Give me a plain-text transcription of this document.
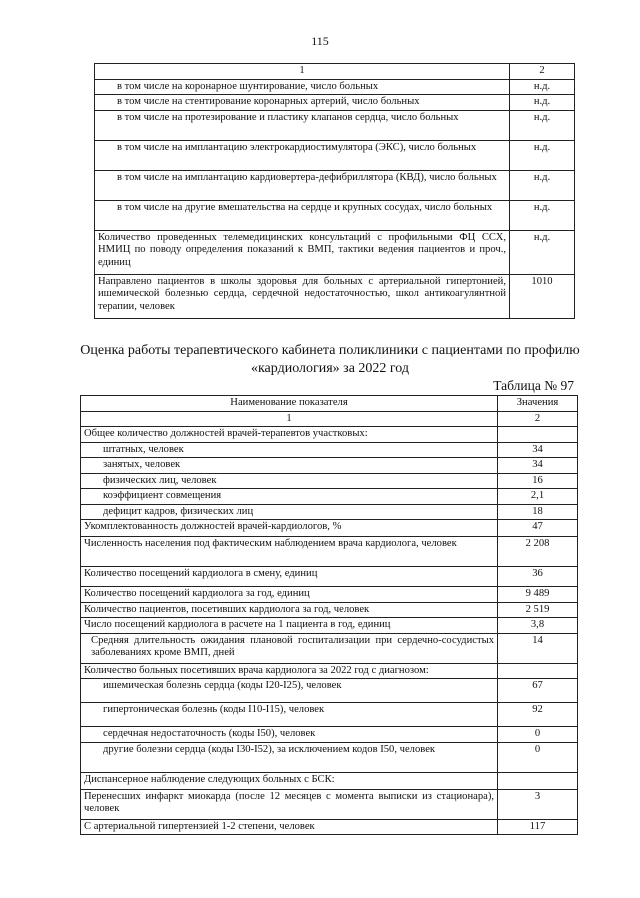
115
1	2
в том числе на коронарное шунтирование, число больных	н.д.
в том числе на стентирование коронарных артерий, число больных	н.д.
в том числе на протезирование и пластику клапанов сердца, число больных	н.д.
в том числе на имплантацию электрокардиостимулятора (ЭКС), число больных	н.д.
в том числе на имплантацию кардиовертера-дефибриллятора (КВД), число больных	н.д.
в том числе на другие вмешательства на сердце и крупных сосудах, число больных	н.д.
Количество проведенных телемедицинских консультаций с профильными ФЦ ССХ, НМИЦ по поводу определения показаний к ВМП, тактики ведения пациентов и проч., единиц	н.д.
Направлено пациентов в школы здоровья для больных с артериальной гипертонией, ишемической болезнью сердца, сердечной недостаточностью, школ антикоагулянтной терапии, человек	1010
Оценка работы терапевтического кабинета поликлиники с пациентами по профилю «кардиология» за 2022 год
Таблица № 97
Наименование показателя	Значения
1	2
Общее количество должностей врачей-терапевтов участковых:	
штатных, человек	34
занятых, человек	34
физических лиц, человек	16
коэффициент совмещения	2,1
дефицит кадров, физических лиц	18
Укомплектованность должностей врачей-кардиологов, %	47
Численность населения под фактическим наблюдением врача кардиолога, человек	2 208
Количество посещений кардиолога в смену, единиц	36
Количество посещений кардиолога за год, единиц	9 489
Количество пациентов, посетивших кардиолога за год, человек	2 519
Число посещений кардиолога в расчете на 1 пациента в год, единиц	3,8
Средняя длительность ожидания плановой госпитализации при сердечно-сосудистых заболеваниях кроме ВМП, дней	14
Количество больных посетивших врача кардиолога за 2022 год с диагнозом:	
ишемическая болезнь сердца (коды I20-I25), человек	67
гипертоническая болезнь (коды I10-I15), человек	92
сердечная недостаточность (коды I50), человек	0
другие болезни сердца (коды I30-I52), за исключением кодов I50, человек	0
Диспансерное наблюдение следующих больных с БСК:	
Перенесших инфаркт миокарда (после 12 месяцев с момента выписки из стационара), человек	3
С артериальной гипертензией 1-2 степени, человек	117
